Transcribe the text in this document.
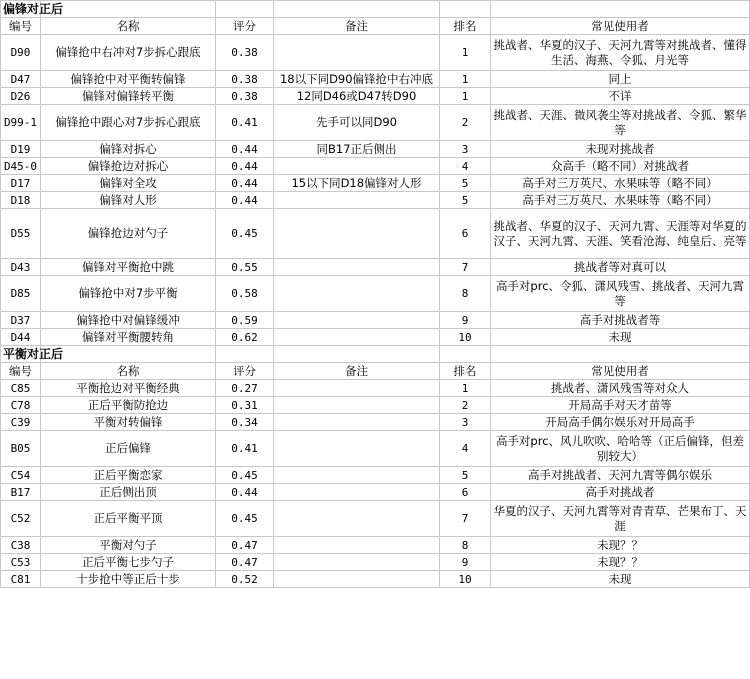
偏锋对正后					
编号	名称	评分	备注	排名	常见使用者
D90	偏锋抢中右冲对7步拆心跟底	0.38		1	挑战者、华夏的汉子、天河九霄等对挑战者、懂得生活、海燕、令狐、月光等
D47	偏锋抢中对平衡转偏锋	0.38	18以下同D90偏锋抢中右冲底	1	同上
D26	偏锋对偏锋转平衡	0.38	12同D46或D47转D90	1	不详
D99-1	偏锋抢中跟心对7步拆心跟底	0.41	先手可以同D90	2	挑战者、天涯、微风袭尘等对挑战者、令狐、繁华等
D19	偏锋对拆心	0.44	同B17正后侧出	3	未现对挑战者
D45-0	偏锋抢边对拆心	0.44		4	众高手（略不同）对挑战者
D17	偏锋对全攻	0.44	15以下同D18偏锋对人形	5	高手对三万英尺、水果味等（略不同）
D18	偏锋对人形	0.44		5	高手对三万英尺、水果味等（略不同）
D55	偏锋抢边对勺子	0.45		6	挑战者、华夏的汉子、天河九霄、天涯等对华夏的汉子、天河九霄、天涯、笑看沧海、纯皇后、亮等
D43	偏锋对平衡抢中跳	0.55		7	挑战者等对真可以
D85	偏锋抢中对7步平衡	0.58		8	高手对prc、令狐、潇风残雪、挑战者、天河九霄等
D37	偏锋抢中对偏锋缓冲	0.59		9	高手对挑战者等
D44	偏锋对平衡腰转角	0.62		10	未现
平衡对正后					
编号	名称	评分	备注	排名	常见使用者
C85	平衡抢边对平衡经典	0.27		1	挑战者、潇风残雪等对众人
C78	正后平衡防抢边	0.31		2	开局高手对天才苗等
C39	平衡对转偏锋	0.34		3	开局高手偶尔娱乐对开局高手
B05	正后偏锋	0.41		4	高手对prc、风儿吹吹、哈哈等（正后偏锋，但差别较大）
C54	正后平衡恋家	0.45		5	高手对挑战者、天河九霄等偶尔娱乐
B17	正后侧出顶	0.44		6	高手对挑战者
C52	正后平衡平顶	0.45		7	华夏的汉子、天河九霄等对青青草、芒果布丁、天涯
C38	平衡对勺子	0.47		8	未现？？
C53	正后平衡七步勺子	0.47		9	未现？？
C81	十步抢中等正后十步	0.52		10	未现
